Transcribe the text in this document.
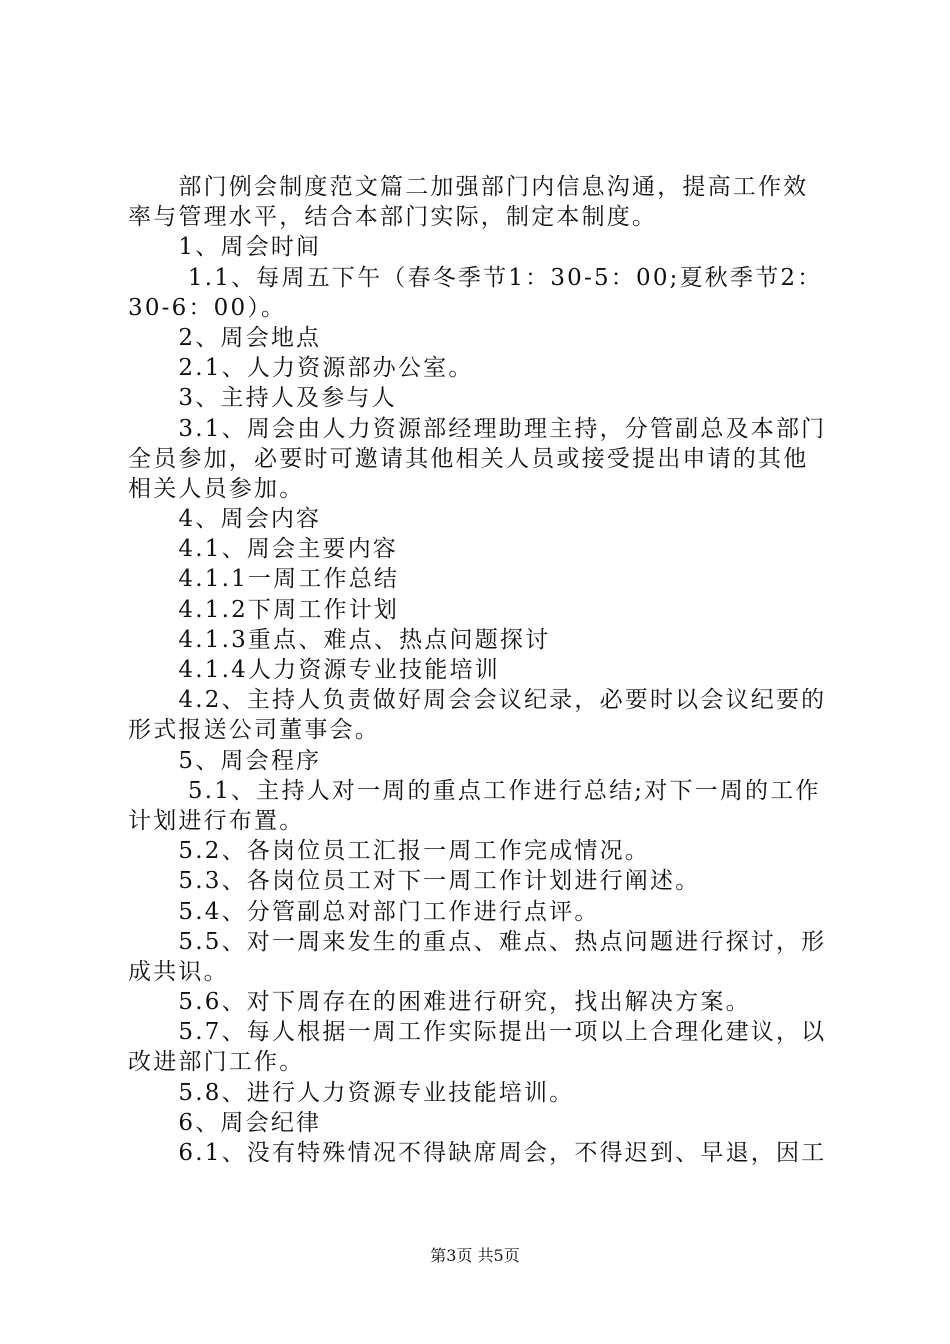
　　部门例会制度范文篇二加强部门内信息沟通，提高工作效
率与管理水平，结合本部门实际，制定本制度。
　　1、周会时间
　　 1.1、每周五下午（春冬季节1：30-5：00;夏秋季节2：
30-6：00）。
　　2、周会地点
　　2.1、人力资源部办公室。
　　3、主持人及参与人
　　3.1、周会由人力资源部经理助理主持，分管副总及本部门
全员参加，必要时可邀请其他相关人员或接受提出申请的其他
相关人员参加。
　　4、周会内容
　　4.1、周会主要内容
　　4.1.1一周工作总结
　　4.1.2下周工作计划
　　4.1.3重点、难点、热点问题探讨
　　4.1.4人力资源专业技能培训
　　4.2、主持人负责做好周会会议纪录，必要时以会议纪要的
形式报送公司董事会。
　　5、周会程序
　　 5.1、主持人对一周的重点工作进行总结;对下一周的工作
计划进行布置。
　　5.2、各岗位员工汇报一周工作完成情况。
　　5.3、各岗位员工对下一周工作计划进行阐述。
　　5.4、分管副总对部门工作进行点评。
　　5.5、对一周来发生的重点、难点、热点问题进行探讨，形
成共识。
　　5.6、对下周存在的困难进行研究，找出解决方案。
　　5.7、每人根据一周工作实际提出一项以上合理化建议，以
改进部门工作。
　　5.8、进行人力资源专业技能培训。
　　6、周会纪律
　　6.1、没有特殊情况不得缺席周会，不得迟到、早退，因工
第3页 共5页
